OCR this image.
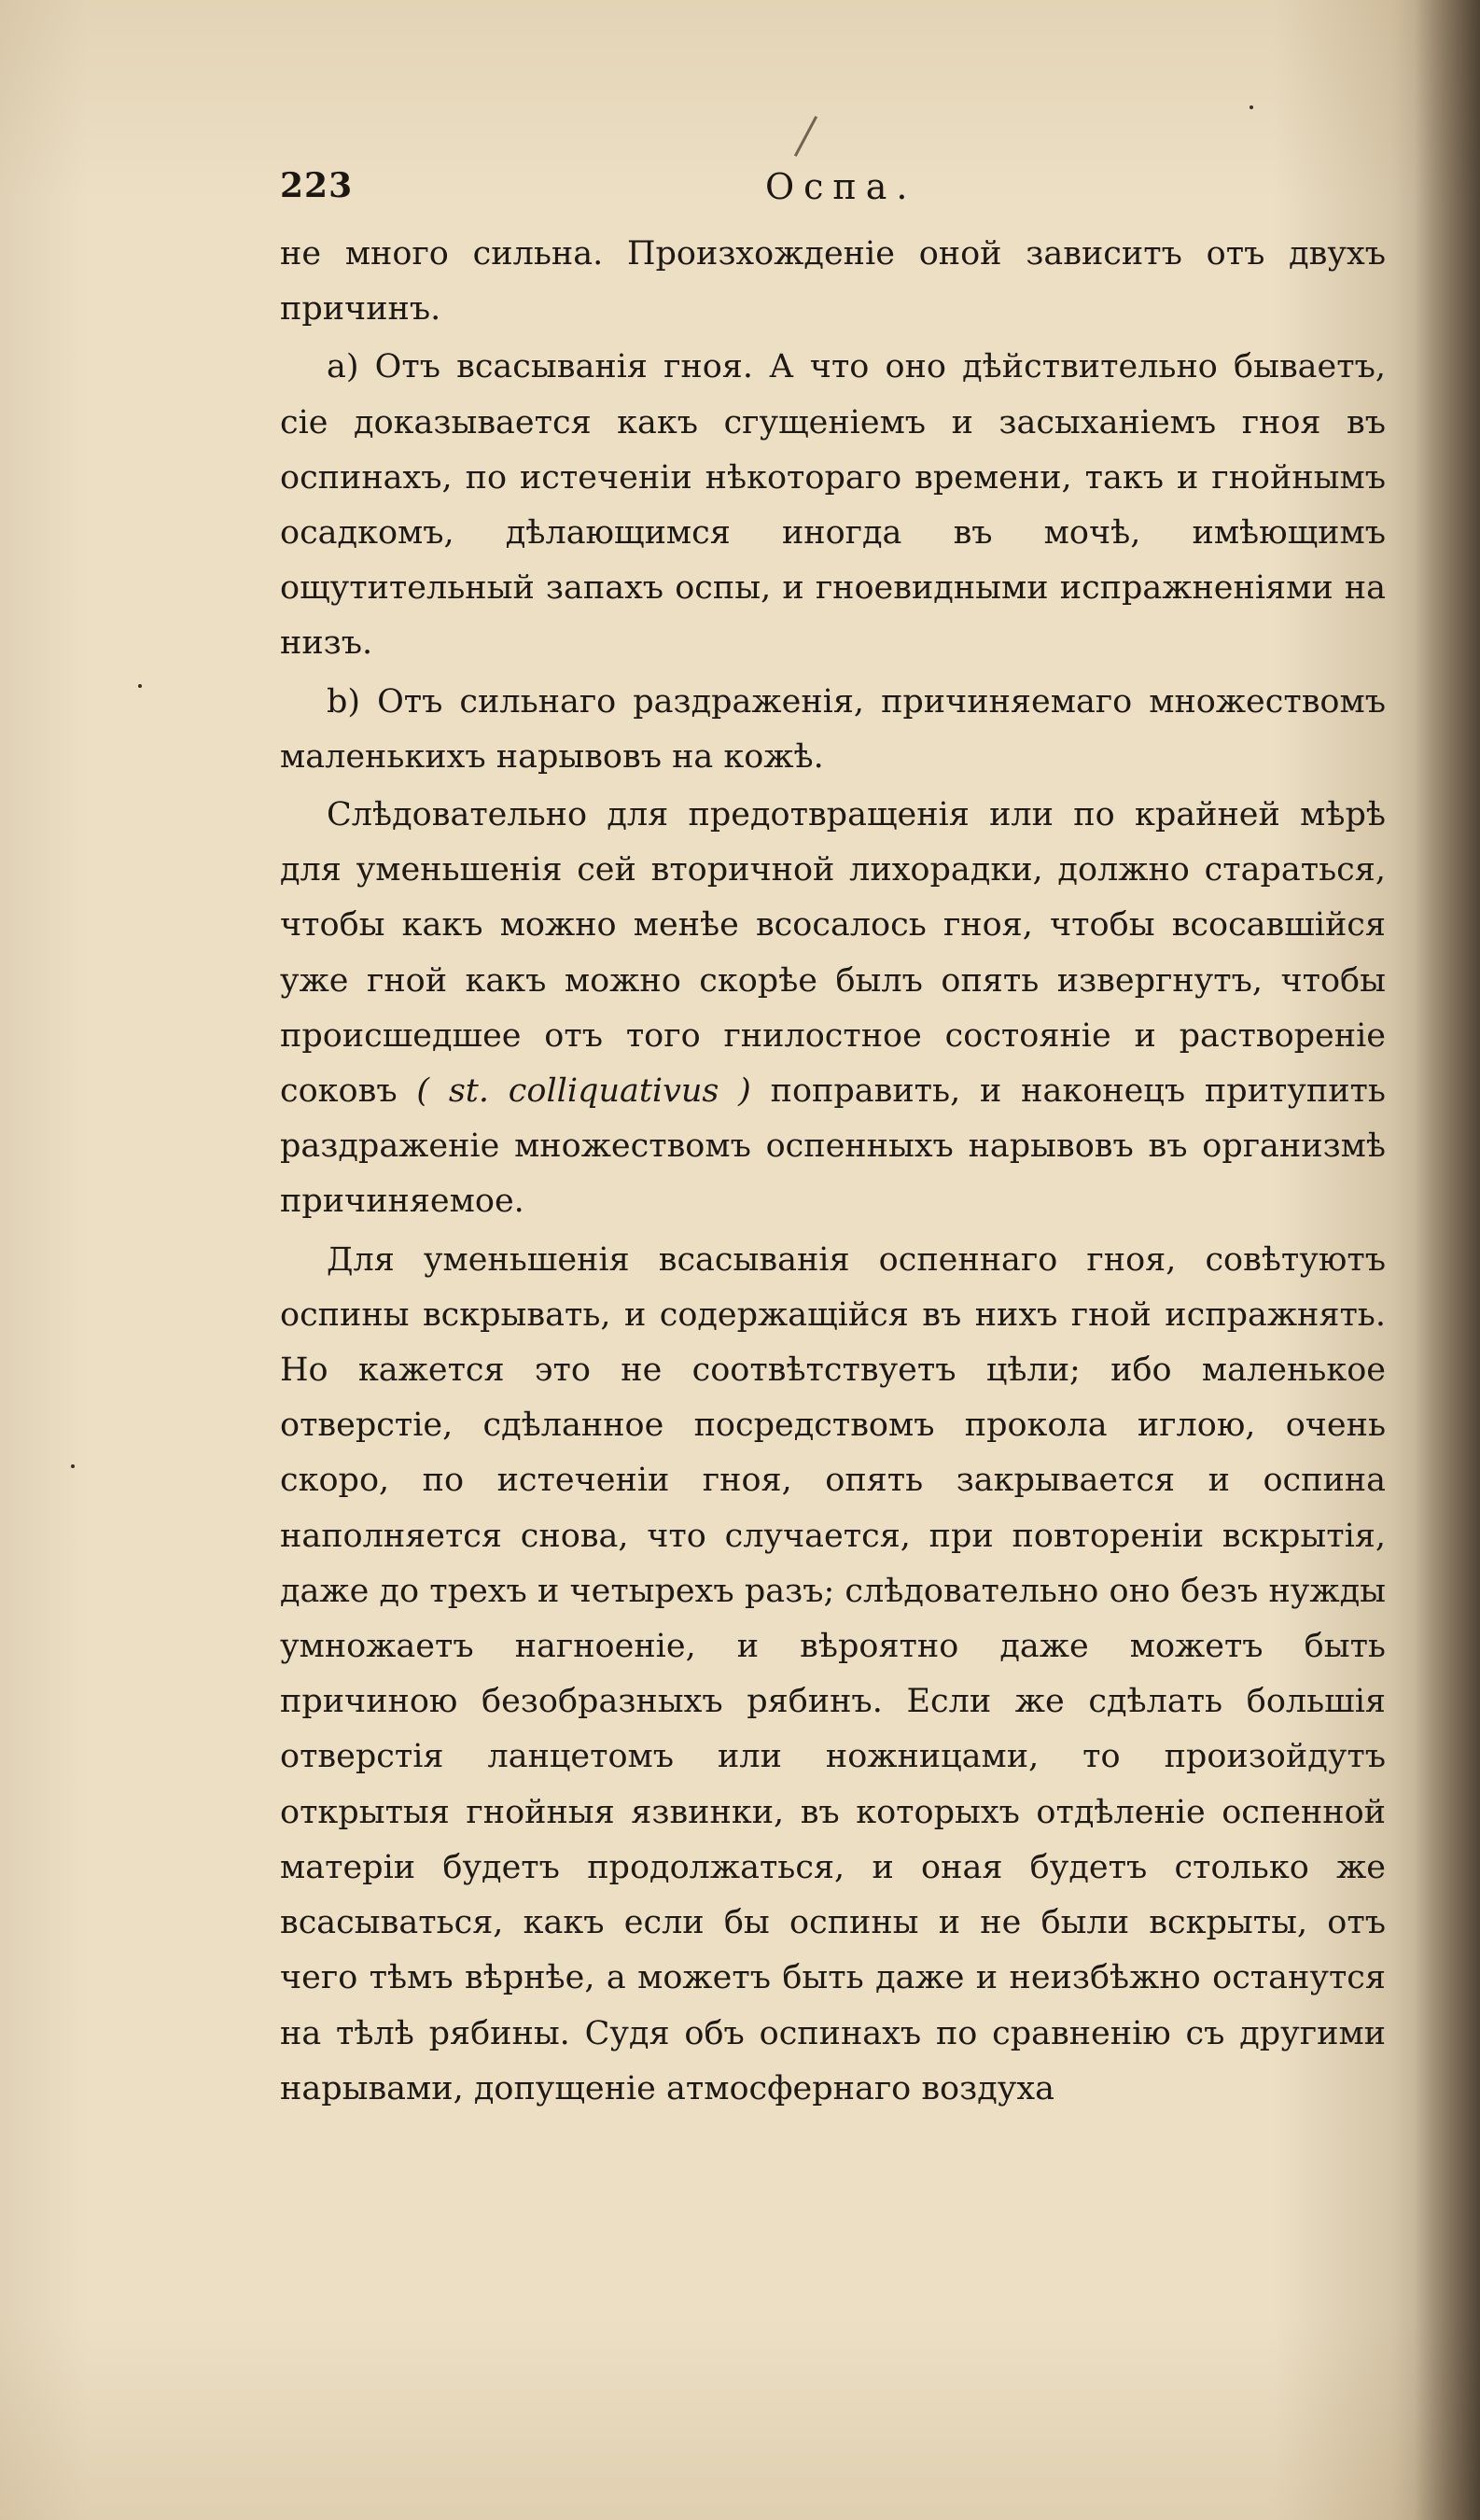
223	Оспа.

не много сильна. Произхожденіе оной зависитъ отъ двухъ причинъ.

a) Отъ всасыванія гноя. А что оно дѣйствительно бываетъ, сіе доказывается какъ сгущеніемъ и засыханіемъ гноя въ оспинахъ, по истеченіи нѣкотораго времени, такъ и гнойнымъ осадкомъ, дѣлающимся иногда въ мочѣ, имѣющимъ ощутительный запахъ оспы, и гноевидными испражненіями на низъ.

b) Отъ сильнаго раздраженія, причиняемаго множествомъ маленькихъ нарывовъ на кожѣ.

Слѣдовательно для предотвращенія или по крайней мѣрѣ для уменьшенія сей вторичной лихорадки, должно стараться, чтобы какъ можно менѣе всосалось гноя, чтобы всосавшійся уже гной какъ можно скорѣе былъ опять извергнутъ, чтобы происшедшее отъ того гнилостное состояніе и раствореніе соковъ ( st. colliquativus ) поправить, и наконецъ притупить раздраженіе множествомъ оспенныхъ нарывовъ въ организмѣ причиняемое.

Для уменьшенія всасыванія оспеннаго гноя, совѣтуютъ оспины вскрывать, и содержащійся въ нихъ гной испражнять. Но кажется это не соотвѣтствуетъ цѣли; ибо маленькое отверстіе, сдѣланное посредствомъ прокола иглою, очень скоро, по истеченіи гноя, опять закрывается и оспина наполняется снова, что случается, при повтореніи вскрытія, даже до трехъ и четырехъ разъ; слѣдовательно оно безъ нужды умножаетъ нагноеніе, и вѣроятно даже можетъ быть причиною безобразныхъ рябинъ. Если же сдѣлать большія отверстія ланцетомъ или ножницами, то произойдутъ открытыя гнойныя язвинки, въ которыхъ отдѣленіе оспенной матеріи будетъ продолжаться, и оная будетъ столько же всасываться, какъ если бы оспины и не были вскрыты, отъ чего тѣмъ вѣрнѣе, а можетъ быть даже и неизбѣжно останутся на тѣлѣ рябины. Судя объ оспинахъ по сравненію съ другими нарывами, допущеніе атмосфернаго воздуха
